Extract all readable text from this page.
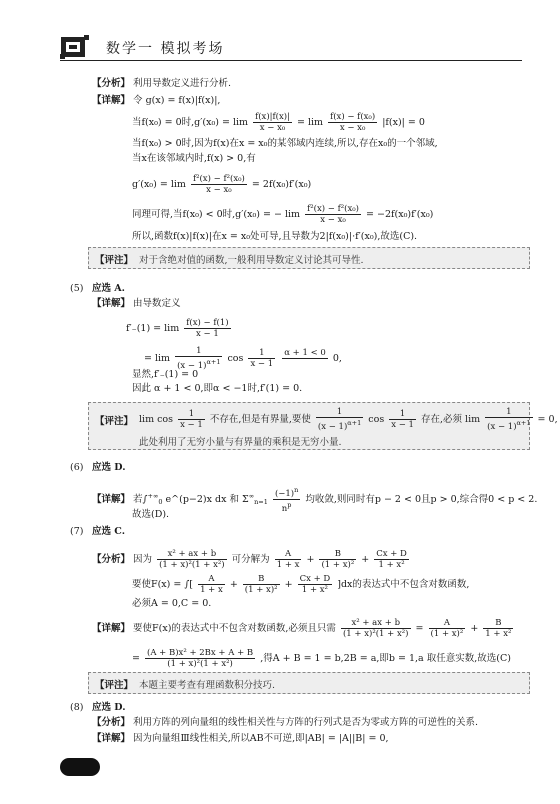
数学一 模拟考场
【分析】 利用导数定义进行分析.
【详解】 令 g(x) = f(x)|f(x)|,
当f(x₀) = 0时$,g'(x_0) = \lim \frac{f(x)|f(x)|}{\text{x − x₀}} = \lim \frac{\text{f(x) − f(x₀)}}{\text{x − x₀}} |f(x)| = 0$
当f(x₀) > 0时,因为f(x)在x = x₀的某邻域内连续,所以,存在x₀的一个邻域,
当x在该邻域内时,f(x) > 0,有
$g'(x_0) = \lim \frac{\text{f²(x) − f²(x₀)}}{\text{x − x₀}} = 2f(x_0)f'(x_0)$
同理可得,当f(x₀) < 0时,g′(x₀) = − $\lim \frac{\text{f²(x) − f²(x₀)}}{\text{x − x₀}} = -2f(x_0)f'(x_0)$
所以,函数f(x)|f(x)|在x = x₀处可导,且导数为2|f(x₀)|·f′(x₀),故选(C).
【评注】 对于含绝对值的函数,一般利用导数定义讨论其可导性.
(5) 应选 A.
【详解】 由导数定义
$f'_-(1) = \lim \frac{f(x) - f(1)}{x - 1}$
= $\lim \frac{1}{(x - 1)^{\alpha+1}}$ $\cos \frac{1}{x - 1}$
α + 1 < 0
0,
显然,f′₋(1) = 0
因此 α + 1 < 0,即α < −1时,f′(1) = 0.
【评注】 $\lim \cos \frac{1}{x - 1}$ 不存在,但是有界量,要使 $\frac{1}{(x - 1)^{\alpha+1}}$ $\cos \frac{1}{x - 1}$ 存在,必须 $\lim \frac{1}{(x - 1)^{\alpha+1}} = 0$,
此处利用了无穷小量与有界量的乘积是无穷小量.
(6) 应选 D.
【详解】 若$\int^{+\infty}_0$ e^(p−2)x dx 和 $\Sigma^\infty_{n=1} \frac{(-1)^n}{n^p}$ 均收敛,则同时有p − 2 < 0且p > 0,综合得0 < p < 2.
故选(D).
(7) 应选 C.
【分析】 因为 $\frac{\text{x² + ax + b}}{\text{(1 + x)²(1 + x²)}}$ 可分解为 $\frac{A}{1 + x} + \frac{B}{\text{(1 + x)²}} + \frac{Cx + D}{\text{1 + x²}}$
要使F(x) = ∫[ $\frac{A}{1 + x} + \frac{B}{\text{(1 + x)²}} + \frac{Cx + D}{\text{1 + x²}} ]dx$的表达式中不包含对数函数,
必须A = 0,C = 0.
【详解】 要使F(x)的表达式中不包含对数函数,必须且只需 $\frac{\text{x² + ax + b}}{\text{(1 + x)²(1 + x²)}} = \frac{A}{\text{(1 + x)²}} + \frac{B}{\text{1 + x²}}$
= $\frac{\text{(A + B)x² + 2Bx + A + B}}{\text{(1 + x)²(1 + x²)}}$ ,得A + B = 1 = b,2B = a,即b = 1,a 取任意实数,故选(C)
【评注】 本题主要考查有理函数积分技巧.
(8) 应选 D.
【分析】 利用方阵的列向量组的线性相关性与方阵的行列式是否为零或方阵的可逆性的关系.
【详解】 因为向量组Ⅲ线性相关,所以AB不可逆,即|AB| = |A||B| = 0,
